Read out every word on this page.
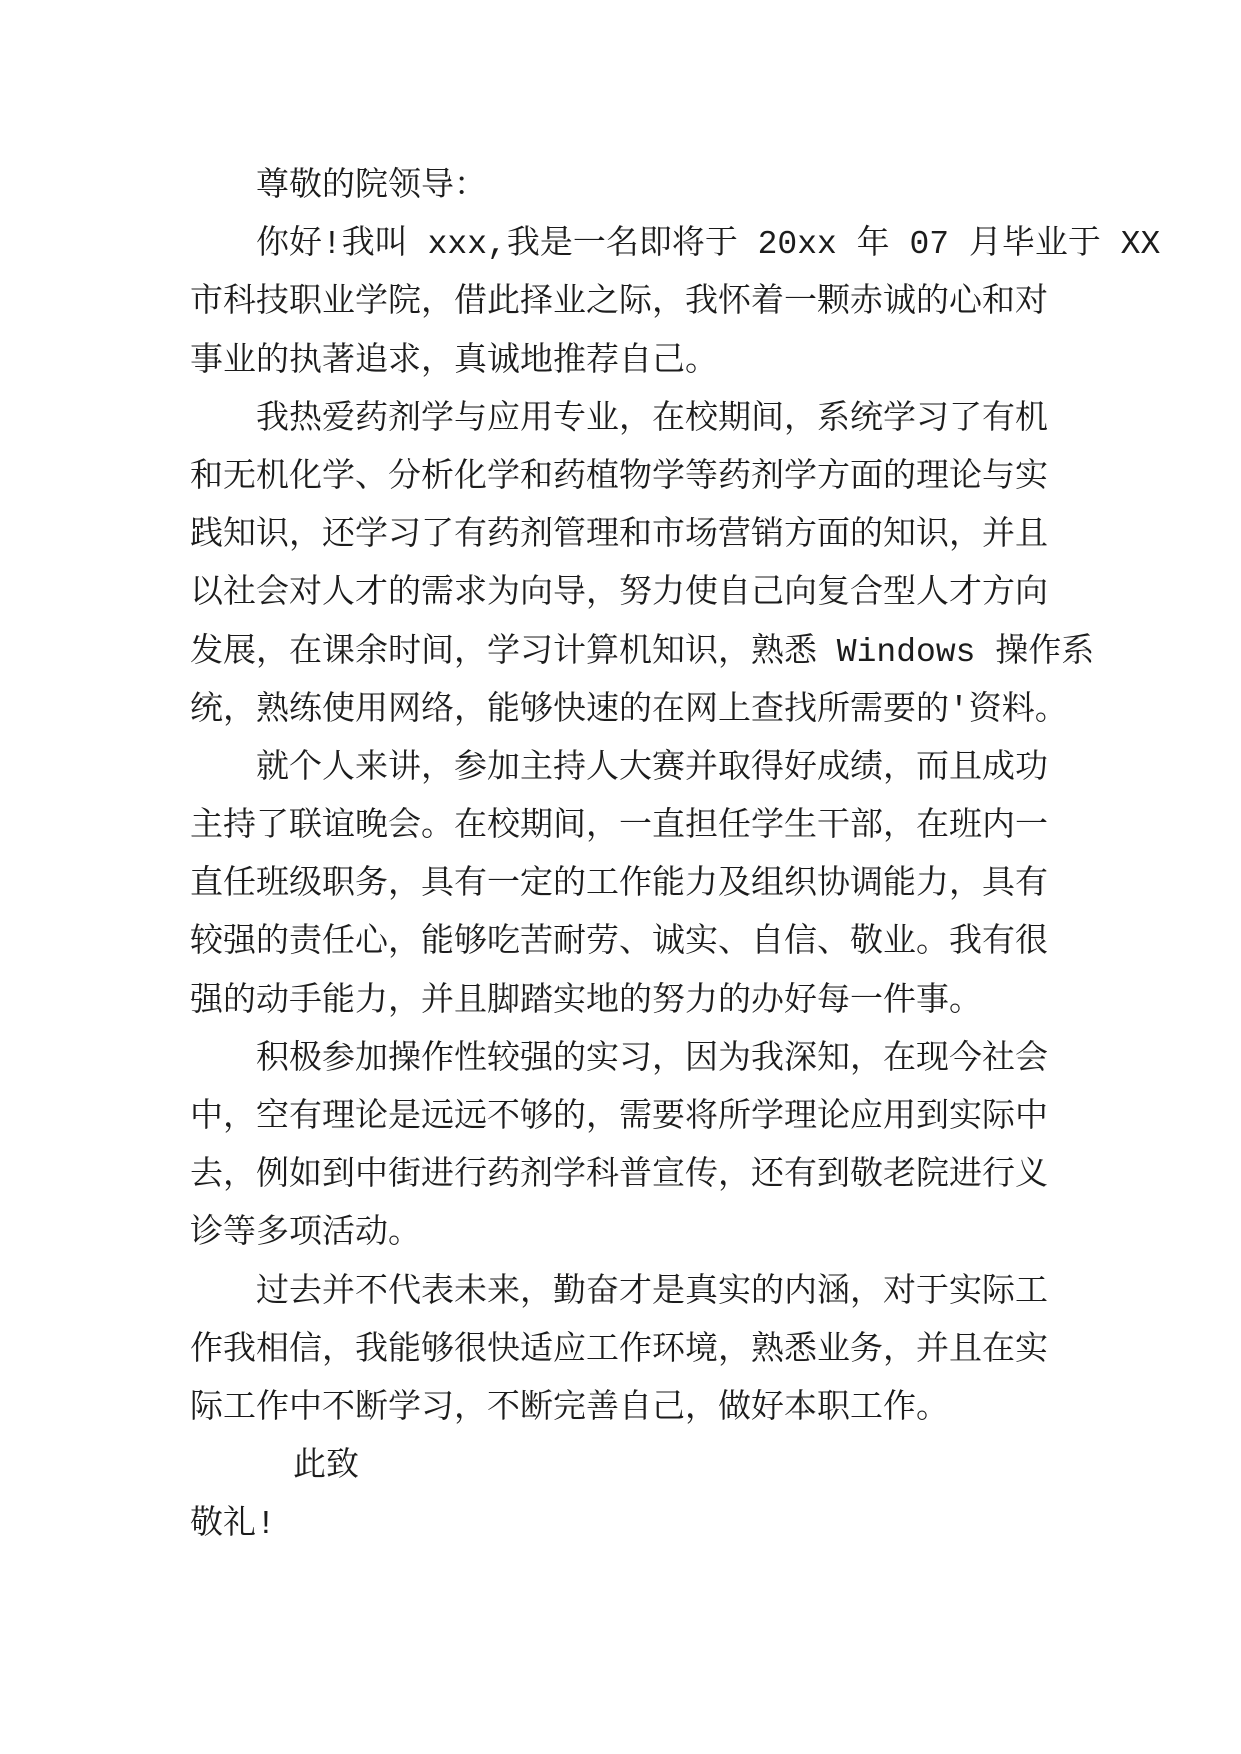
尊敬的院领导：
你好!我叫 xxx,我是一名即将于 20xx 年 07 月毕业于 XX
市科技职业学院，借此择业之际，我怀着一颗赤诚的心和对
事业的执著追求，真诚地推荐自己。
我热爱药剂学与应用专业，在校期间，系统学习了有机
和无机化学、分析化学和药植物学等药剂学方面的理论与实
践知识，还学习了有药剂管理和市场营销方面的知识，并且
以社会对人才的需求为向导，努力使自己向复合型人才方向
发展，在课余时间，学习计算机知识，熟悉 Windows 操作系
统，熟练使用网络，能够快速的在网上查找所需要的'资料。
就个人来讲，参加主持人大赛并取得好成绩，而且成功
主持了联谊晚会。在校期间，一直担任学生干部，在班内一
直任班级职务，具有一定的工作能力及组织协调能力，具有
较强的责任心，能够吃苦耐劳、诚实、自信、敬业。我有很
强的动手能力，并且脚踏实地的努力的办好每一件事。
积极参加操作性较强的实习，因为我深知，在现今社会
中，空有理论是远远不够的，需要将所学理论应用到实际中
去，例如到中街进行药剂学科普宣传，还有到敬老院进行义
诊等多项活动。
过去并不代表未来，勤奋才是真实的内涵，对于实际工
作我相信，我能够很快适应工作环境，熟悉业务，并且在实
际工作中不断学习，不断完善自己，做好本职工作。
此致
敬礼!
